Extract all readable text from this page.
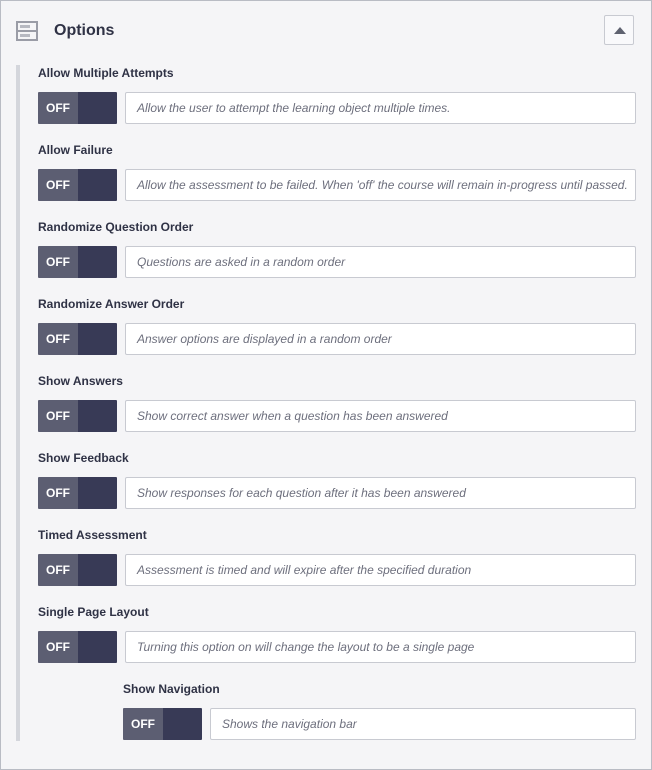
Options
Allow Multiple Attempts
OFF	Allow the user to attempt the learning object multiple times.
Allow Failure
OFF	Allow the assessment to be failed. When 'off' the course will remain in-progress until passed.
Randomize Question Order
OFF	Questions are asked in a random order
Randomize Answer Order
OFF	Answer options are displayed in a random order
Show Answers
OFF	Show correct answer when a question has been answered
Show Feedback
OFF	Show responses for each question after it has been answered
Timed Assessment
OFF	Assessment is timed and will expire after the specified duration
Single Page Layout
OFF	Turning this option on will change the layout to be a single page
Show Navigation
OFF	Shows the navigation bar
